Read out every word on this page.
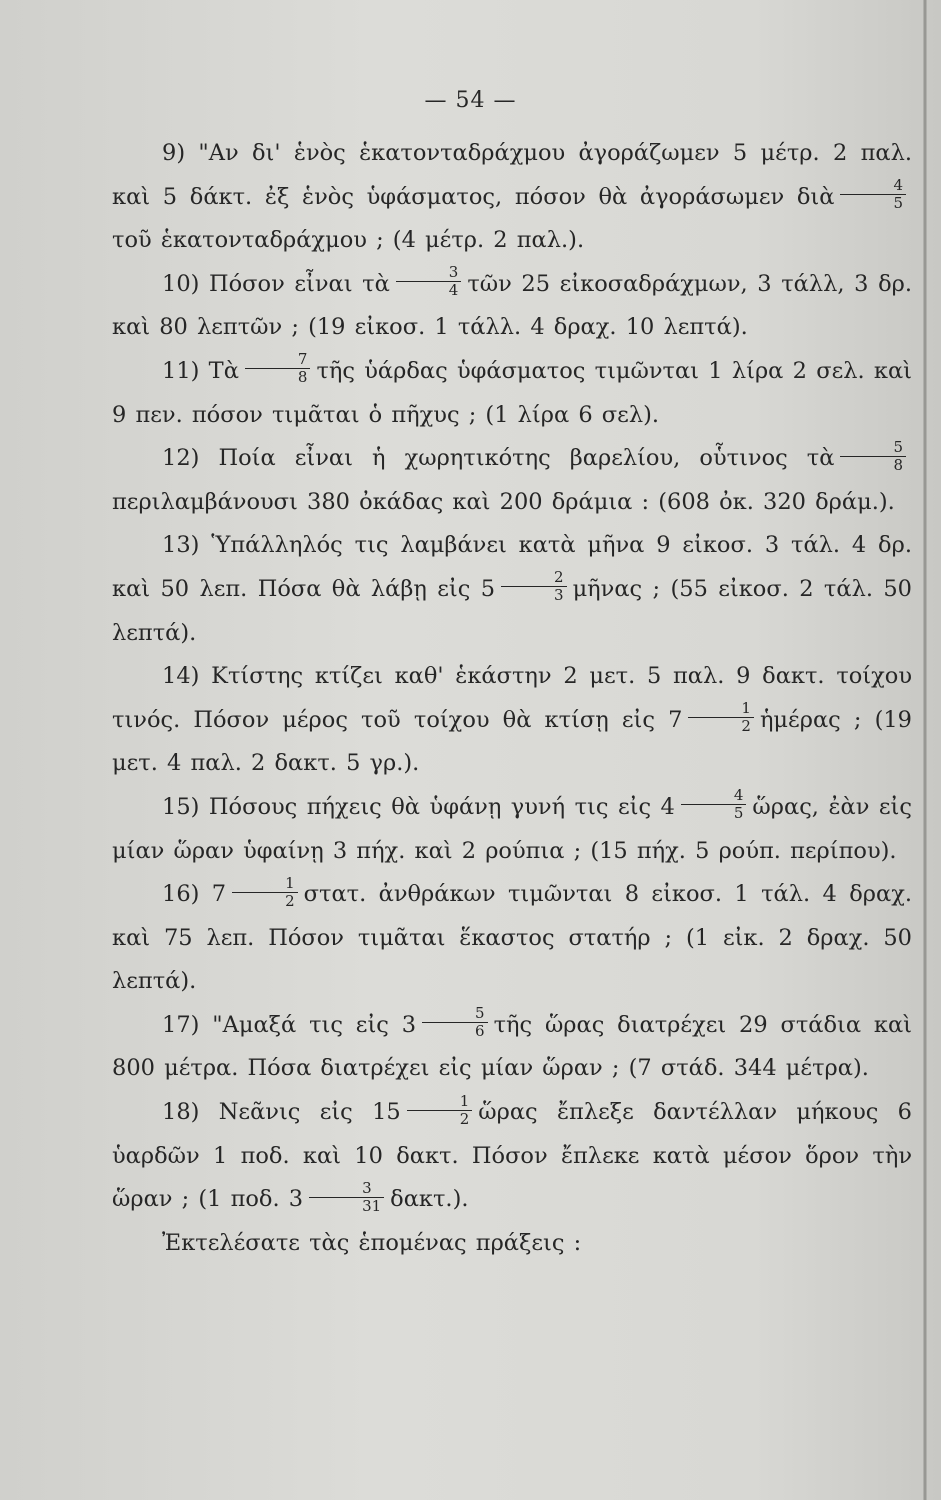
— 54 —

9) "Αν δι' ἑνὸς ἑκατονταδράχμου ἀγοράζωμεν 5 μέτρ. 2 παλ. καὶ 5 δάκτ. ἐξ ἑνὸς ὑφάσματος, πόσον θὰ ἀγοράσωμεν διὰ $\frac{4}{5}$
τοῦ ἑκατονταδράχμου ; (4 μέτρ. 2 παλ.).

10) Πόσον εἶναι τὰ $\frac{3}{4}$ τῶν 25 εἰκοσαδράχμων, 3 τάλλ, 3 δρ. καὶ 80 λεπτῶν ; (19 εἰκοσ. 1 τάλλ. 4 δραχ. 10 λεπτά).

11) Τὰ $\frac{7}{8}$ τῆς ὑάρδας ὑφάσματος τιμῶνται 1 λίρα 2 σελ. καὶ 9 πεν. πόσον τιμᾶται ὁ πῆχυς ; (1 λίρα 6 σελ).

12) Ποία εἶναι ἡ χωρητικότης βαρελίου, οὗτινος τὰ $\frac{5}{8}$
περιλαμβάνουσι 380 ὀκάδας καὶ 200 δράμια : (608 ὀκ. 320 δράμ.).

13) Ὑπάλληλός τις λαμβάνει κατὰ μῆνα 9 εἰκοσ. 3 τάλ. 4 δρ. καὶ 50 λεπ. Πόσα θὰ λάβῃ εἰς $5 \frac{2}{3}$ μῆνας ; (55 εἰκοσ. 2 τάλ. 50 λεπτά).

14) Κτίστης κτίζει καθ' ἑκάστην 2 μετ. 5 παλ. 9 δακτ. τοίχου τινός. Πόσον μέρος τοῦ τοίχου θὰ κτίσῃ εἰς $7 \frac{1}{2}$ ἡμέρας ; (19 μετ. 4 παλ. 2 δακτ. 5 γρ.).

15) Πόσους πήχεις θὰ ὑφάνῃ γυνή τις εἰς $4 \frac{4}{5}$ ὥρας, ἐὰν εἰς μίαν ὥραν ὑφαίνῃ 3 πήχ. καὶ 2 ρούπια ; (15 πήχ. 5 ρούπ. περίπου).

16) $7 \frac{1}{2} \sigma\tau\alpha\tau$. ἀνθράκων τιμῶνται 8 εἰκοσ. 1 τάλ. 4 δραχ. καὶ 75 λεπ. Πόσον τιμᾶται ἕκαστος στατήρ ; (1 εἰκ. 2 δραχ. 50 λεπτά).

17) "Αμαξά τις εἰς $3 \frac{5}{6}$ τῆς ὥρας διατρέχει 29 στάδια καὶ 800 μέτρα. Πόσα διατρέχει εἰς μίαν ὥραν ; (7 στάδ. 344 μέτρα).

18) Νεᾶνις εἰς $15 \frac{1}{2}$ ὥρας ἔπλεξε δαντέλλαν μήκους 6 ὑαρδῶν 1 ποδ. καὶ 10 δακτ. Πόσον ἔπλεκε κατὰ μέσον ὅρον τὴν ὥραν ; (1 ποδ. $3 \frac{3}{31} \delta\alpha\kappa\tau$.).

Ἐκτελέσατε τὰς ἑπομένας πράξεις :
